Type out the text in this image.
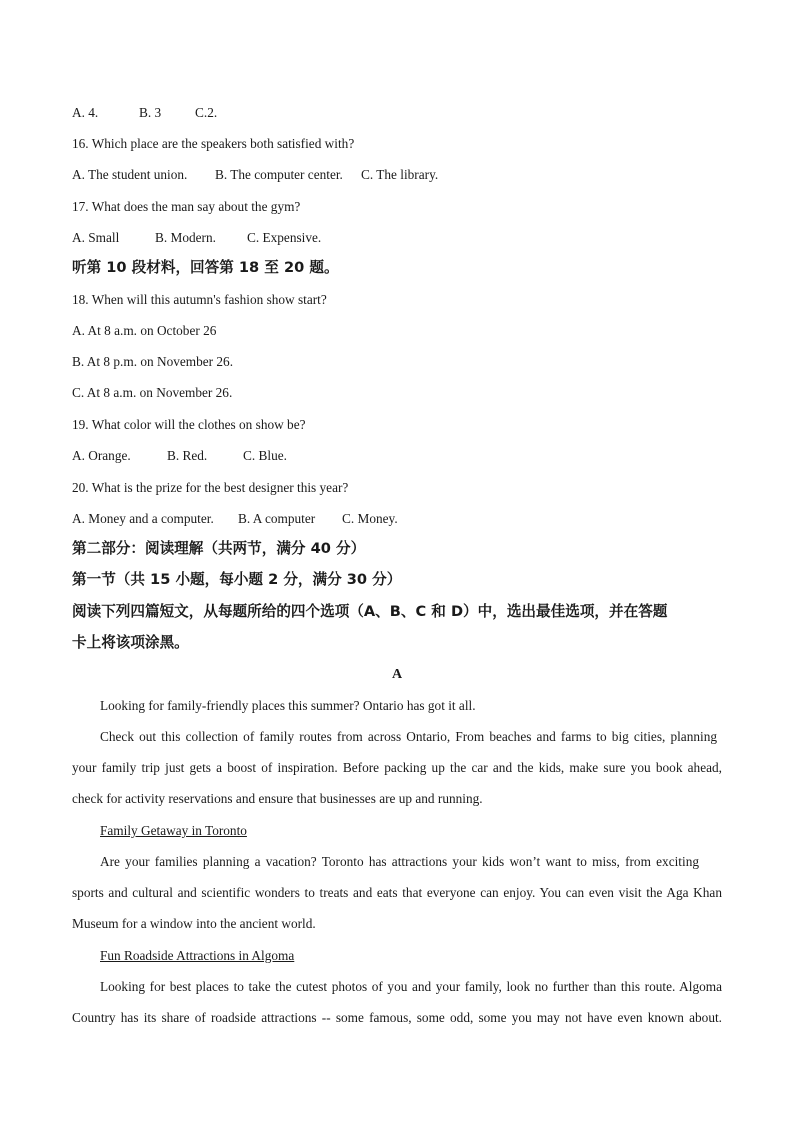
A. 4.	B. 3	C.2.
16. Which place are the speakers both satisfied with?
A. The student union. B. The computer center. C. The library.
17. What does the man say about the gym?
A. Small	B. Modern. C. Expensive.
听第 10 段材料，回答第 18 至 20 题。
18. When will this autumn's fashion show start?
A. At 8 a.m. on October 26
B. At 8 p.m. on November 26.
C. At 8 a.m. on November 26.
19. What color will the clothes on show be?
A. Orange.	B. Red.	C. Blue.
20. What is the prize for the best designer this year?
A. Money and a computer. B. A computer C. Money.
第二部分：阅读理解（共两节，满分 40 分）
第一节（共 15 小题，每小题 2 分，满分 30 分）
阅读下列四篇短文，从每题所给的四个选项（A、B、C 和 D）中，选出最佳选项，并在答题
卡上将该项涂黑。
A
Looking for family-friendly places this summer? Ontario has got it all.
Check out this collection of family routes from across Ontario, From beaches and farms to big cities, planning
your family trip just gets a boost of inspiration. Before packing up the car and the kids, make sure you book ahead,
check for activity reservations and ensure that businesses are up and running.
Family Getaway in Toronto
Are your families planning a vacation? Toronto has attractions your kids won’t want to miss, from exciting
sports and cultural and scientific wonders to treats and eats that everyone can enjoy. You can even visit the Aga Khan
Museum for a window into the ancient world.
Fun Roadside Attractions in Algoma
Looking for best places to take the cutest photos of you and your family, look no further than this route. Algoma
Country has its share of roadside attractions -- some famous, some odd, some you may not have even known about.
